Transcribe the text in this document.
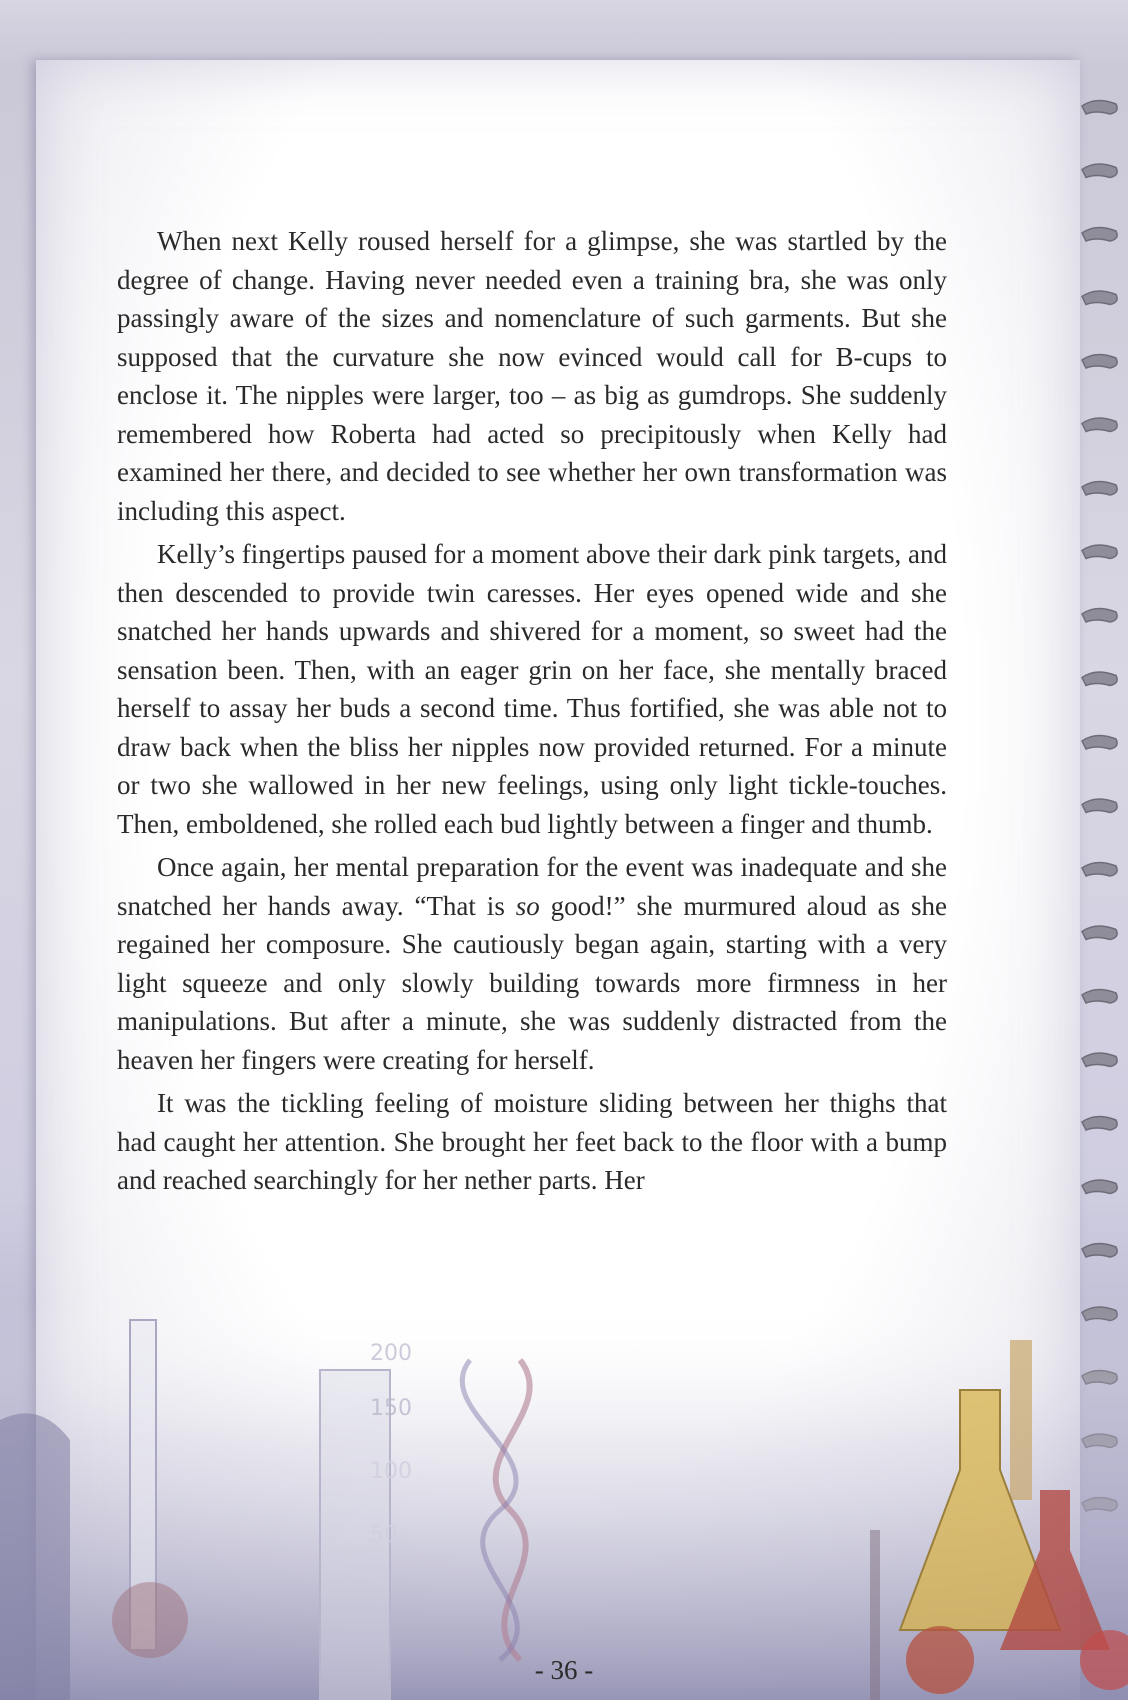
200
150
100
50

When next Kelly roused herself for a glimpse, she was startled by the degree of change. Having never needed even a training bra, she was only passingly aware of the sizes and nomenclature of such garments. But she supposed that the curvature she now evinced would call for B-cups to enclose it. The nipples were larger, too – as big as gumdrops. She suddenly remembered how Roberta had acted so precipitously when Kelly had examined her there, and decided to see whether her own transformation was including this aspect.

Kelly’s fingertips paused for a moment above their dark pink targets, and then descended to provide twin caresses. Her eyes opened wide and she snatched her hands upwards and shivered for a moment, so sweet had the sensation been. Then, with an eager grin on her face, she mentally braced herself to assay her buds a second time. Thus fortified, she was able not to draw back when the bliss her nipples now provided returned. For a minute or two she wallowed in her new feelings, using only light tickle-touches. Then, emboldened, she rolled each bud lightly between a finger and thumb.

Once again, her mental preparation for the event was inadequate and she snatched her hands away. “That is so good!” she murmured aloud as she regained her composure. She cautiously began again, starting with a very light squeeze and only slowly building towards more firmness in her manipulations. But after a minute, she was suddenly distracted from the heaven her fingers were creating for herself.

It was the tickling feeling of moisture sliding between her thighs that had caught her attention. She brought her feet back to the floor with a bump and reached searchingly for her nether parts. Her

- 36 -
